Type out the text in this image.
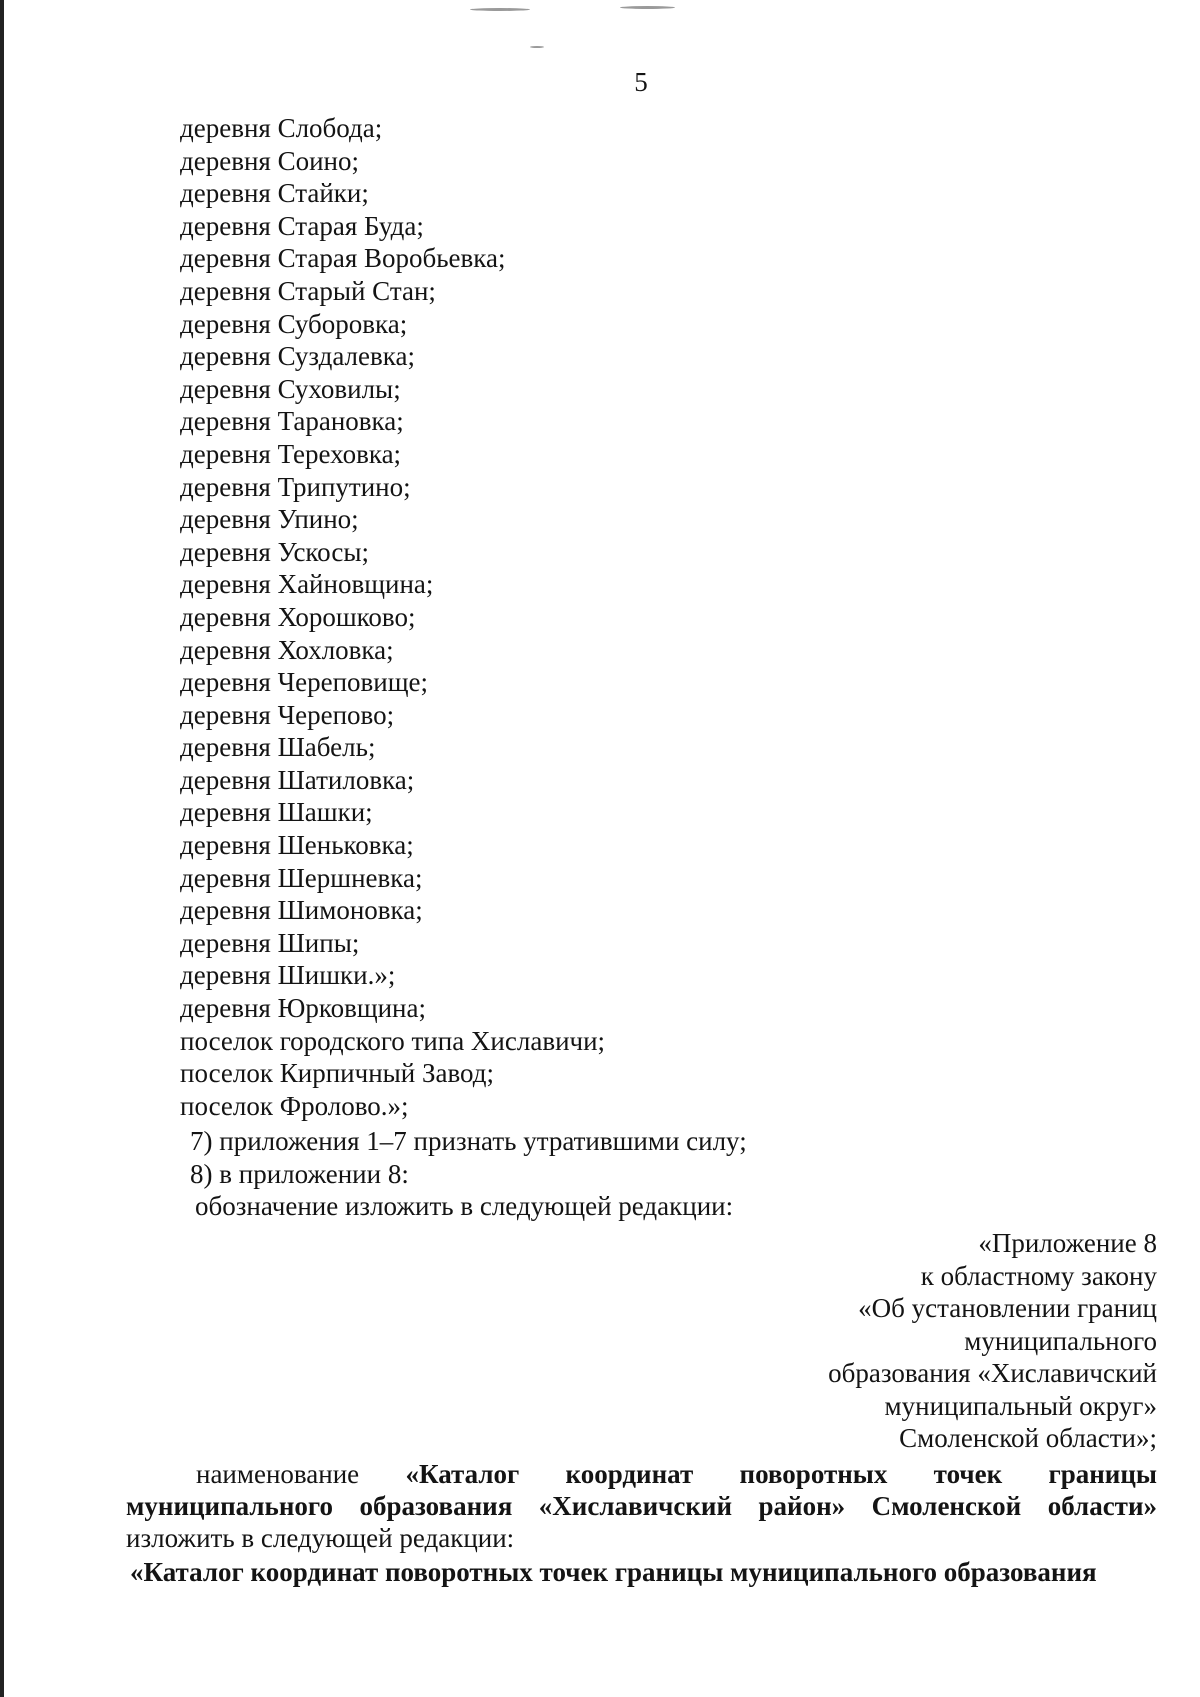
5
деревня Слобода;
деревня Соино;
деревня Стайки;
деревня Старая Буда;
деревня Старая Воробьевка;
деревня Старый Стан;
деревня Суборовка;
деревня Суздалевка;
деревня Суховилы;
деревня Тарановка;
деревня Тереховка;
деревня Трипутино;
деревня Упино;
деревня Ускосы;
деревня Хайновщина;
деревня Хорошково;
деревня Хохловка;
деревня Череповище;
деревня Черепово;
деревня Шабель;
деревня Шатиловка;
деревня Шашки;
деревня Шеньковка;
деревня Шершневка;
деревня Шимоновка;
деревня Шипы;
деревня Шишки.»;
деревня Юрковщина;
поселок городского типа Хиславичи;
поселок Кирпичный Завод;
поселок Фролово.»;
7) приложения 1–7 признать утратившими силу;
8) в приложении 8:
обозначение изложить в следующей редакции:
«Приложение 8
к областному закону
«Об установлении границ
муниципального
образования «Хиславичский
муниципальный округ»
Смоленской области»;
наименование «Каталог координат поворотных точек границы
муниципального образования «Хиславичский район» Смоленской области»
изложить в следующей редакции:
«Каталог координат поворотных точек границы муниципального образования
